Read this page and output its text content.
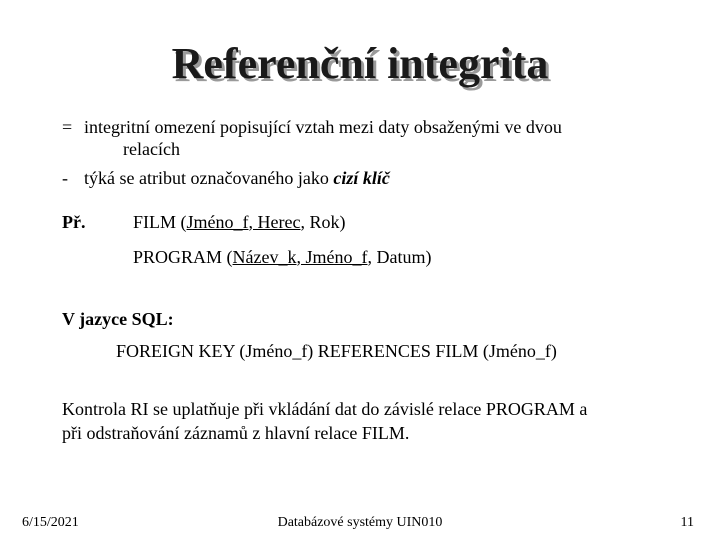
Referenční integrita
= integritní omezení popisující vztah mezi daty obsaženými ve dvou
relacích
- týká se atribut označovaného jako cizí klíč
Př.	FILM (Jméno_f, Herec, Rok)
PROGRAM (Název_k, Jméno_f, Datum)
V jazyce SQL:
FOREIGN KEY (Jméno_f) REFERENCES FILM (Jméno_f)
Kontrola RI se uplatňuje při vkládání dat do závislé relace PROGRAM a
při odstraňování záznamů z hlavní relace FILM.
6/15/2021	Databázové systémy UIN010	11
